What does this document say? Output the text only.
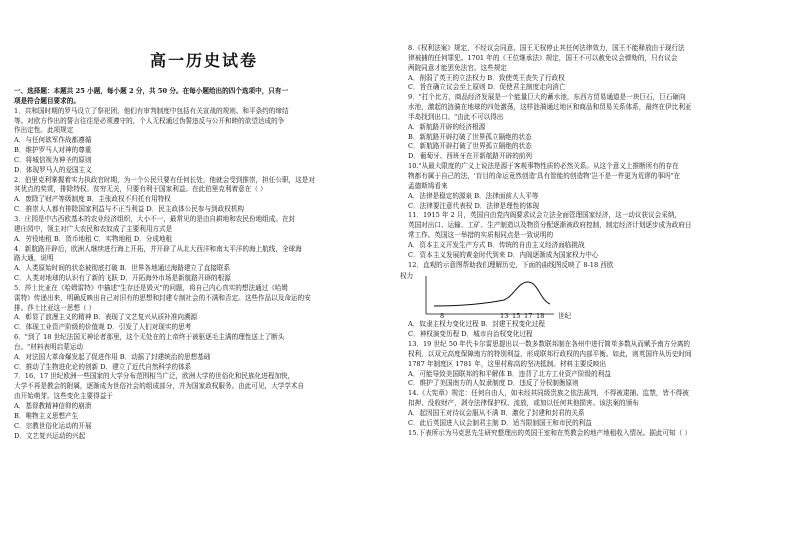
高一历史试卷
一、选择题：本题共 25 小题，每小题 2 分，共 50 分。在每小题给出的四个选项中，只有一
项是符合题目要求的。
1．共和国时期的罗马设立了祭祀团，他们有审判制度中包括有关宣战的规则、和平条约的缔结
等。对欧方作出的誓言往往是必须遵守的，个人无权通过伪誓违反与公开和睦的欲望达成的争
作出定性。此项规定
A．与任何欲军作战都遵循
B．维护罗马人对神的尊重
C．将城信视为神圣的原则
D．体现罗马人的爱国主义
2．伯里克利掌握着实力执政官时期，为一个公民只要有任何长处，他就会受到推崇，担任公职，这是对
其优点的奖赏，排除特权。贫穷无关，只要有利于国家利益。在此伯里克利着意在（ ）
A．废除了财产等级制度 B．主张政权不归托有用特权
C．推崇人人都有排除国家利益与不正当利益 D．民主政体公民参与到政权机构
3．庄园是中古西欧基本的农业经济组织，大小不一，最常见的是由自耕地和农民份地组成。在封
建庄园中，领主对广大农民和农奴成了主要利用方式是
A．劳役地租 B．货币地租 C．实物地租 D．分成地租
4．新航路开辟后，欧洲人继续进行海上开拓，并开辟了从北大西洋和南太平洋的海上航线，全球海
路大通，说明
A．人类原始时间的状态被彻底打破 B．世界各地通过海路建立了直接联系
C．人类对地球的认识有了新的飞跃 D．开拓海外市场是新航路开辟的根源
5．莎士比亚在《哈姆雷特》中描述"生存还是毁灭"的问题，将自己内心真实的想法通过《哈姆
雷特》传递出来，明确反映出自己对旧有的思想和封建专制社会的不满和否定。这些作品以及命运的安
排。莎士比亚这一思想（ ）
A．彰显了浪漫主义的精神 B．表现了文艺复兴从质补准向溯源
C．体现工业资产阶级的价值观 D．引发了人们对现实的思考
6．"到了 18 世纪法国无神论者那里，这个无处在的上帝终于被驱逐毛主满的理性送上了断头
台。"材料表明启蒙运动
A．对法国大革命爆发起了促进作用 B．动摇了封建统治的思想基础
C．推动了生物进化论的创新 D．建立了近代自然科学的体系
7．16、17 世纪欧洲一些国家的大学分布范围相当广泛，欧洲大学的世俗化和民族化进程加快，
大学不再是教会的附属，逐渐成为世俗社会的组成部分，并为国家政权服务。由此可见，大学学术自
由开始萌芽。这些变化主要得益于
A．基督教精神信仰的崩溃
B．唯物主义思想产生
C．宗教世俗化运动的开展
D．文艺复兴运动的兴起
8.《权利法案》规定，不经议会同意，国王无权停止其任何法律效力，国王不能释放由于现行法
律被捕的任何罪犯。1701 年的《王位继承法》规定，国王不可以赦免议会弹劾的，只有议会
两院同意才能罢免法官。这些规定
A．削弱了英王的立法权力 B．致使英王丧失了行政权
C．旨在确立议会至上原则 D．促使君主制度走向消亡
9．"打个比方，商品经济发展是一个能量巨大的蓄水池，东西方贸易通道是一块巨石，巨石砸向
水池，激起的涟漪在地球的四处激荡，这样涟漪通过地区和商品和贸易关系体系，最终在伊比利亚
半岛找到出口。"由此不可以得出
A．新航路开辟的经济根源
B．新航路开辟打破了世界孤立隔绝的状态
C．新航路开辟打破了世界孤立隔绝的状态
D．葡萄牙、西班牙在开新航路开辟的前列
10."从最大限度的广义上说法是源于客观事物性质的必然关系。从这个意义上推断所有的存在
物都有属于自己的法，'盲目的命运竟然创造'具有智能的创造物'岂不是一件更为荒谬的事吗"在
孟德斯鸠看来
A．法律是稳定的源泉 B．法律面前人人平等
C．法律要注意代表权 D．法律是理性的体现
11．1915 年 2 月，英国自由党内阁要求议会立法全面管理国家经济，这一动议获议会采纳，
英国对出口、运输、工矿、生产制造以及物资分配逐渐被政府控制，制定经济计划逐步成为政府日
常工作。英国这一举措的实质相同点是一致说明的
A．资本主义开发生产方式 B．传统的自由主义经济面临挑战
C．资本主义发展的黄金时代到来 D．内阁逐渐成为国家权力中心
12．直观的示意图帮助我们理解历史，下面的曲线图反映了 8-18 西欧
权力
8	13 15 17 18 世纪
A．奴隶主权力变化过程 B．封建王权变化过程
C．神权演变历程 D．城市自治权变化过程
13．19 世纪 50 年代卡尔雷思提出以一数多数联邦制在各州中进行简单多数从而赋予南方分离的
权利，以双元高度保障南方的特别利益，形成联邦行政权的内部平衡。如此，则英国许从历史时间
1787 年制度区 1781 年，这里村称高的坚决抵制。材料主要反映出
A．可能导致美国联邦的和平解体 B．违背了北方工业资产阶级的利益
C．维护了美国南方的人奴隶制度 D．违反了分权制衡原则
14.《大宪章》规定：任何自由人，如未经其同级贵族之依法裁判，不得被逮捕、监禁，皆不得被
扣押、没收财产，剥夺法律保护权、流放，或加以任何其他损害。该法案的颁布
A．起因国王对待议会服从不满 B．激化了封建和封君的关系
C．此后英国进入议会制君主制 D．适当限制国王和市民的利益
15.下表所示为马克思先生研究整理出的英国王室和在英教会的地产地租收入情况。据此可知（ ）
